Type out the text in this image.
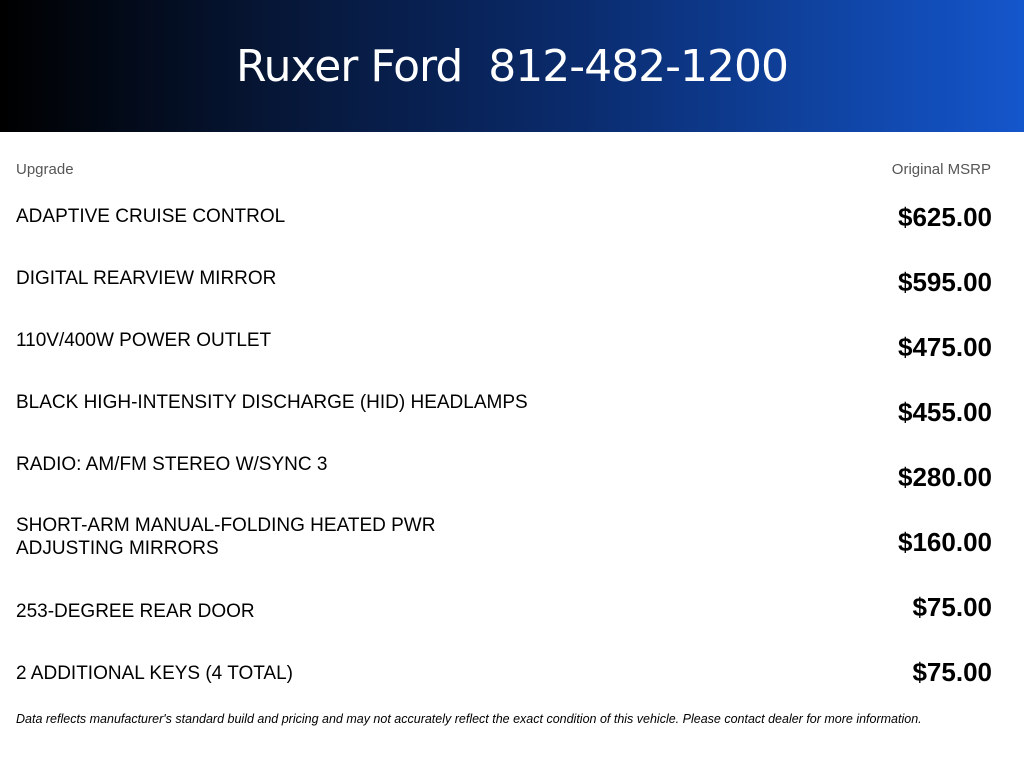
Ruxer Ford 812-482-1200
Upgrade	Original MSRP
ADAPTIVE CRUISE CONTROL	$625.00
DIGITAL REARVIEW MIRROR	$595.00
110V/400W POWER OUTLET	$475.00
BLACK HIGH-INTENSITY DISCHARGE (HID) HEADLAMPS	$455.00
RADIO: AM/FM STEREO W/SYNC 3	$280.00
SHORT-ARM MANUAL-FOLDING HEATED PWR ADJUSTING MIRRORS	$160.00
253-DEGREE REAR DOOR	$75.00
2 ADDITIONAL KEYS (4 TOTAL)	$75.00
Data reflects manufacturer's standard build and pricing and may not accurately reflect the exact condition of this vehicle. Please contact dealer for more information.
